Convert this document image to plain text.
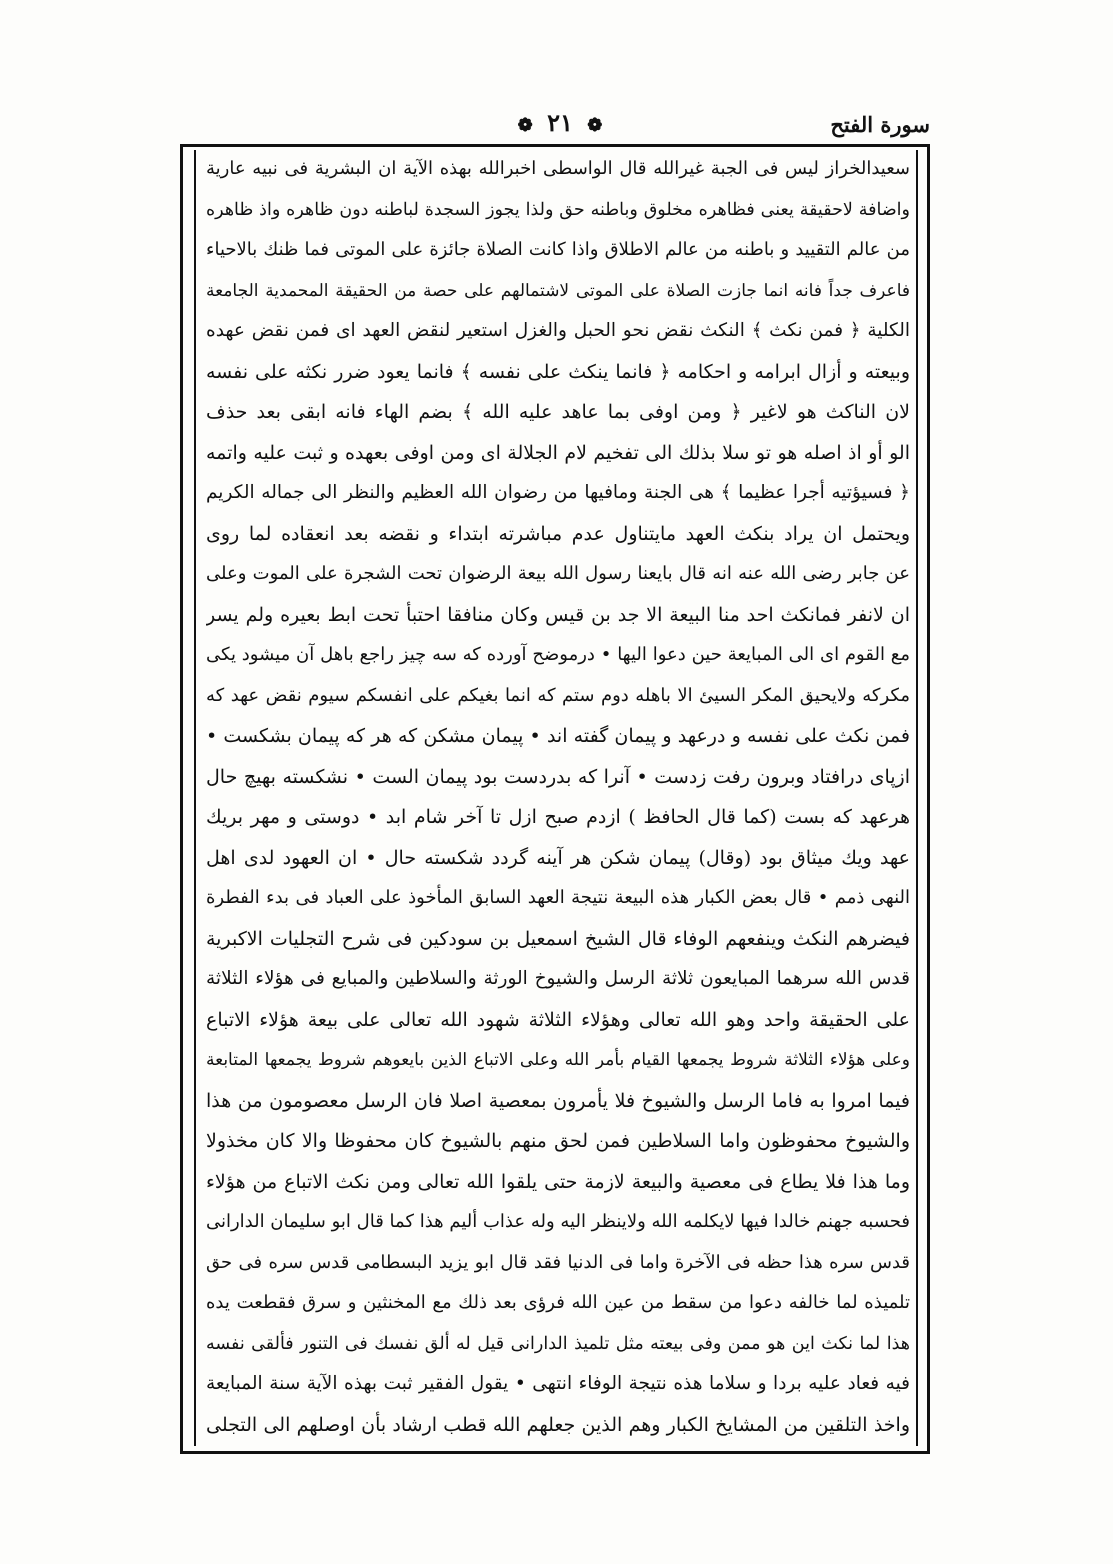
سورة الفتح
❁ ٢١ ❁
سعيدالخراز ليس فى الجبة غيرالله قال الواسطى اخبرالله بهذه الآية ان البشرية فى نبيه عارية
واضافة لاحقيقة يعنى فظاهره مخلوق وباطنه حق ولذا يجوز السجدة لباطنه دون ظاهره واذ ظاهره
من عالم التقييد و باطنه من عالم الاطلاق واذا كانت الصلاة جائزة على الموتى فما ظنك بالاحياء
فاعرف جداً فانه انما جازت الصلاة على الموتى لاشتمالهم على حصة من الحقيقة المحمدية الجامعة
الكلية ﴿ فمن نكث ﴾ النكث نقض نحو الحبل والغزل استعير لنقض العهد اى فمن نقض عهده
وبيعته و أزال ابرامه و احكامه ﴿ فانما ينكث على نفسه ﴾ فانما يعود ضرر نكثه على نفسه
لان الناكث هو لاغير ﴿ ومن اوفى بما عاهد عليه الله ﴾ بضم الهاء فانه ابقى بعد حذف
الو أو اذ اصله هو تو سلا بذلك الى تفخيم لام الجلالة اى ومن اوفى بعهده و ثبت عليه واتمه
﴿ فسيؤتيه أجرا عظيما ﴾ هى الجنة ومافيها من رضوان الله العظيم والنظر الى جماله الكريم
ويحتمل ان يراد بنكث العهد مايتناول عدم مباشرته ابتداء و نقضه بعد انعقاده لما روى
عن جابر رضى الله عنه انه قال بايعنا رسول الله بيعة الرضوان تحت الشجرة على الموت وعلى
ان لانفر فمانكث احد منا البيعة الا جد بن قيس وكان منافقا احتبأ تحت ابط بعيره ولم يسر
مع القوم اى الى المبايعة حين دعوا اليها • درموضح آورده كه سه چيز راجع باهل آن ميشود يكى
مكركه ولايحيق المكر السيئ الا باهله دوم ستم كه انما بغيكم على انفسكم سيوم نقض عهد كه
فمن نكث على نفسه و درعهد و پيمان گفته اند • پيمان مشكن كه هر كه پيمان بشكست •
ازپاى درافتاد وبرون رفت زدست • آنرا كه بدردست بود پيمان الست • نشكسته بهيچ حال
هرعهد كه بست (كما قال الحافظ ) ازدم صبح ازل تا آخر شام ابد • دوستى و مهر بريك
عهد ويك ميثاق بود (وقال) پيمان شكن هر آينه گردد شكسته حال • ان العهود لدى اهل
النهى ذمم • قال بعض الكبار هذه البيعة نتيجة العهد السابق المأخوذ على العباد فى بدء الفطرة
فيضرهم النكث وينفعهم الوفاء قال الشيخ اسمعيل بن سودكين فى شرح التجليات الاكبرية
قدس الله سرهما المبايعون ثلاثة الرسل والشيوخ الورثة والسلاطين والمبايع فى هؤلاء الثلاثة
على الحقيقة واحد وهو الله تعالى وهؤلاء الثلاثة شهود الله تعالى على بيعة هؤلاء الاتباع
وعلى هؤلاء الثلاثة شروط يجمعها القيام بأمر الله وعلى الاتباع الذين بايعوهم شروط يجمعها المتابعة
فيما امروا به فاما الرسل والشيوخ فلا يأمرون بمعصية اصلا فان الرسل معصومون من هذا
والشيوخ محفوظون واما السلاطين فمن لحق منهم بالشيوخ كان محفوظا والا كان مخذولا
وما هذا فلا يطاع فى معصية والبيعة لازمة حتى يلقوا الله تعالى ومن نكث الاتباع من هؤلاء
فحسبه جهنم خالدا فيها لايكلمه الله ولاينظر اليه وله عذاب أليم هذا كما قال ابو سليمان الدارانى
قدس سره هذا حظه فى الآخرة واما فى الدنيا فقد قال ابو يزيد البسطامى قدس سره فى حق
تلميذه لما خالفه دعوا من سقط من عين الله فرؤى بعد ذلك مع المخنثين و سرق فقطعت يده
هذا لما نكث اين هو ممن وفى بيعته مثل تلميذ الدارانى قيل له ألق نفسك فى التنور فألقى نفسه
فيه فعاد عليه بردا و سلاما هذه نتيجة الوفاء انتهى • يقول الفقير ثبت بهذه الآية سنة المبايعة
واخذ التلقين من المشايخ الكبار وهم الذين جعلهم الله قطب ارشاد بأن اوصلهم الى التجلى
